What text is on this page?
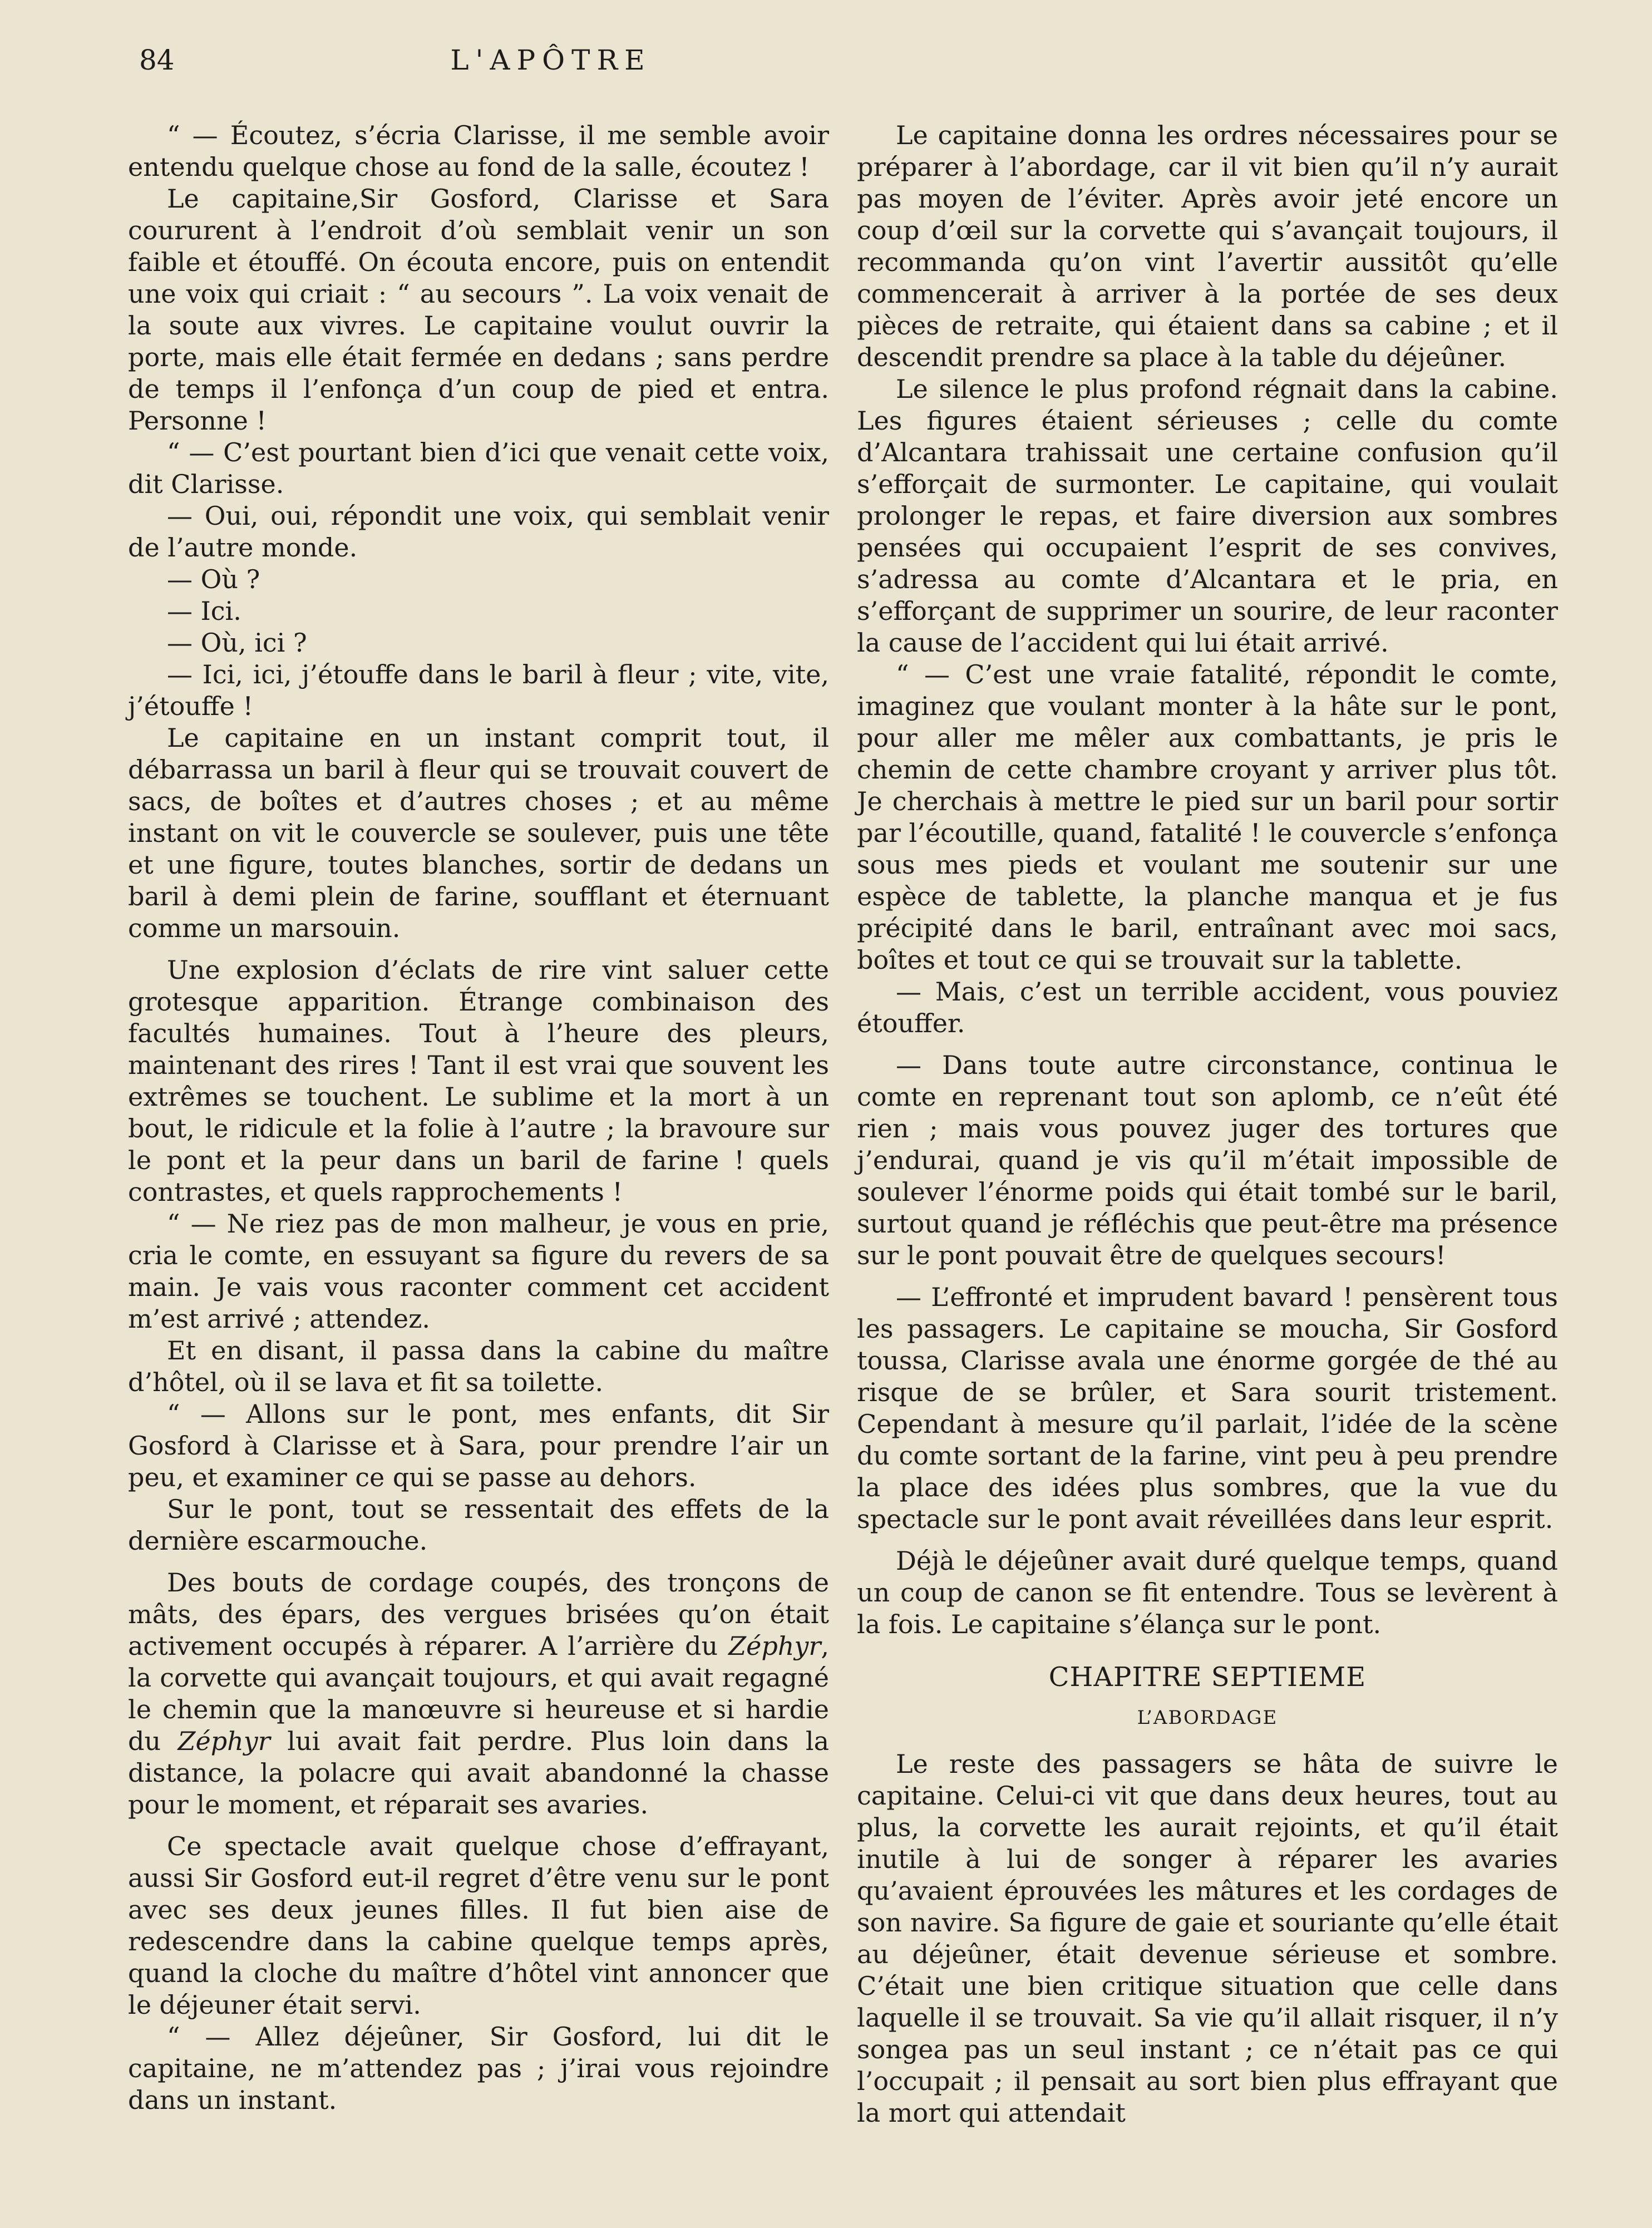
84	L'APÔTRE

“ — Écoutez, s’écria Clarisse, il me semble avoir entendu quelque chose au fond de la salle, écoutez !

Le capitaine,Sir Gosford, Clarisse et Sara coururent à l’endroit d’où semblait venir un son faible et étouffé. On écouta encore, puis on entendit une voix qui criait : “ au secours ”. La voix venait de la soute aux vivres. Le capitaine voulut ouvrir la porte, mais elle était fermée en dedans ; sans perdre de temps il l’enfonça d’un coup de pied et entra. Personne !

“ — C’est pourtant bien d’ici que venait cette voix, dit Clarisse.

— Oui, oui, répondit une voix, qui semblait venir de l’autre monde.

— Où ?

— Ici.

— Où, ici ?

— Ici, ici, j’étouffe dans le baril à fleur ; vite, vite, j’étouffe !

Le capitaine en un instant comprit tout, il débarrassa un baril à fleur qui se trouvait couvert de sacs, de boîtes et d’autres choses ; et au même instant on vit le couvercle se soulever, puis une tête et une figure, toutes blanches, sortir de dedans un baril à demi plein de farine, soufflant et éternuant comme un marsouin.

Une explosion d’éclats de rire vint saluer cette grotesque apparition. Étrange combinaison des facultés humaines. Tout à l’heure des pleurs, maintenant des rires ! Tant il est vrai que souvent les extrêmes se touchent. Le sublime et la mort à un bout, le ridicule et la folie à l’autre ; la bravoure sur le pont et la peur dans un baril de farine ! quels contrastes, et quels rapprochements !

“ — Ne riez pas de mon malheur, je vous en prie, cria le comte, en essuyant sa figure du revers de sa main. Je vais vous raconter comment cet accident m’est arrivé ; attendez.

Et en disant, il passa dans la cabine du maître d’hôtel, où il se lava et fit sa toilette.

“ — Allons sur le pont, mes enfants, dit Sir Gosford à Clarisse et à Sara, pour prendre l’air un peu, et examiner ce qui se passe au dehors.

Sur le pont, tout se ressentait des effets de la dernière escarmouche.

Des bouts de cordage coupés, des tronçons de mâts, des épars, des vergues brisées qu’on était activement occupés à réparer. A l’arrière du Zéphyr, la corvette qui avançait toujours, et qui avait regagné le chemin que la manœuvre si heureuse et si hardie du Zéphyr lui avait fait perdre. Plus loin dans la distance, la polacre qui avait abandonné la chasse pour le moment, et réparait ses avaries.

Ce spectacle avait quelque chose d’effrayant, aussi Sir Gosford eut-il regret d’être venu sur le pont avec ses deux jeunes filles. Il fut bien aise de redescendre dans la cabine quelque temps après, quand la cloche du maître d’hôtel vint annoncer que le déjeuner était servi.

“ — Allez déjeûner, Sir Gosford, lui dit le capitaine, ne m’attendez pas ; j’irai vous rejoindre dans un instant.

Le capitaine donna les ordres nécessaires pour se préparer à l’abordage, car il vit bien qu’il n’y aurait pas moyen de l’éviter. Après avoir jeté encore un coup d’œil sur la corvette qui s’avançait toujours, il recommanda qu’on vint l’avertir aussitôt qu’elle commencerait à arriver à la portée de ses deux pièces de retraite, qui étaient dans sa cabine ; et il descendit prendre sa place à la table du déjeûner.

Le silence le plus profond régnait dans la cabine. Les figures étaient sérieuses ; celle du comte d’Alcantara trahissait une certaine confusion qu’il s’efforçait de surmonter. Le capitaine, qui voulait prolonger le repas, et faire diversion aux sombres pensées qui occupaient l’esprit de ses convives, s’adressa au comte d’Alcantara et le pria, en s’efforçant de supprimer un sourire, de leur raconter la cause de l’accident qui lui était arrivé.

“ — C’est une vraie fatalité, répondit le comte, imaginez que voulant monter à la hâte sur le pont, pour aller me mêler aux combattants, je pris le chemin de cette chambre croyant y arriver plus tôt. Je cherchais à mettre le pied sur un baril pour sortir par l’écoutille, quand, fatalité ! le couvercle s’enfonça sous mes pieds et voulant me soutenir sur une espèce de tablette, la planche manqua et je fus précipité dans le baril, entraînant avec moi sacs, boîtes et tout ce qui se trouvait sur la tablette.

— Mais, c’est un terrible accident, vous pouviez étouffer.

— Dans toute autre circonstance, continua le comte en reprenant tout son aplomb, ce n’eût été rien ; mais vous pouvez juger des tortures que j’endurai, quand je vis qu’il m’était impossible de soulever l’énorme poids qui était tombé sur le baril, surtout quand je réfléchis que peut-être ma présence sur le pont pouvait être de quelques secours!

— L’effronté et imprudent bavard ! pensèrent tous les passagers. Le capitaine se moucha, Sir Gosford toussa, Clarisse avala une énorme gorgée de thé au risque de se brûler, et Sara sourit tristement. Cependant à mesure qu’il parlait, l’idée de la scène du comte sortant de la farine, vint peu à peu prendre la place des idées plus sombres, que la vue du spectacle sur le pont avait réveillées dans leur esprit.

Déjà le déjeûner avait duré quelque temps, quand un coup de canon se fit entendre. Tous se levèrent à la fois. Le capitaine s’élança sur le pont.

CHAPITRE SEPTIEME
L’ABORDAGE

Le reste des passagers se hâta de suivre le capitaine. Celui-ci vit que dans deux heures, tout au plus, la corvette les aurait rejoints, et qu’il était inutile à lui de songer à réparer les avaries qu’avaient éprouvées les mâtures et les cordages de son navire. Sa figure de gaie et souriante qu’elle était au déjeûner, était devenue sérieuse et sombre. C’était une bien critique situation que celle dans laquelle il se trouvait. Sa vie qu’il allait risquer, il n’y songea pas un seul instant ; ce n’était pas ce qui l’occupait ; il pensait au sort bien plus effrayant que la mort qui attendait
